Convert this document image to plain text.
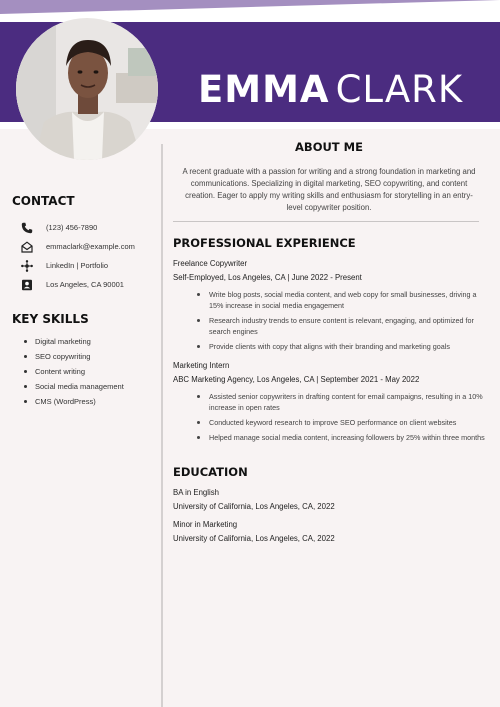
EMMA CLARK
CONTACT
(123) 456-7890
emmaclark@example.com
LinkedIn | Portfolio
Los Angeles, CA 90001
KEY SKILLS
Digital marketing
SEO copywriting
Content writing
Social media management
CMS (WordPress)
ABOUT ME

A recent graduate with a passion for writing and a strong foundation in marketing and communications. Specializing in digital marketing, SEO copywriting, and content creation. Eager to apply my writing skills and enthusiasm for storytelling in an entry-level copywriter position.

PROFESSIONAL EXPERIENCE
Freelance Copywriter
Self-Employed, Los Angeles, CA | June 2022 - Present
Write blog posts, social media content, and web copy for small businesses, driving a 15% increase in social media engagement
Research industry trends to ensure content is relevant, engaging, and optimized for search engines
Provide clients with copy that aligns with their branding and marketing goals
Marketing Intern
ABC Marketing Agency, Los Angeles, CA | September 2021 - May 2022
Assisted senior copywriters in drafting content for email campaigns, resulting in a 10% increase in open rates
Conducted keyword research to improve SEO performance on client websites
Helped manage social media content, increasing followers by 25% within three months
EDUCATION
BA in English
University of California, Los Angeles, CA, 2022
Minor in Marketing
University of California, Los Angeles, CA, 2022
